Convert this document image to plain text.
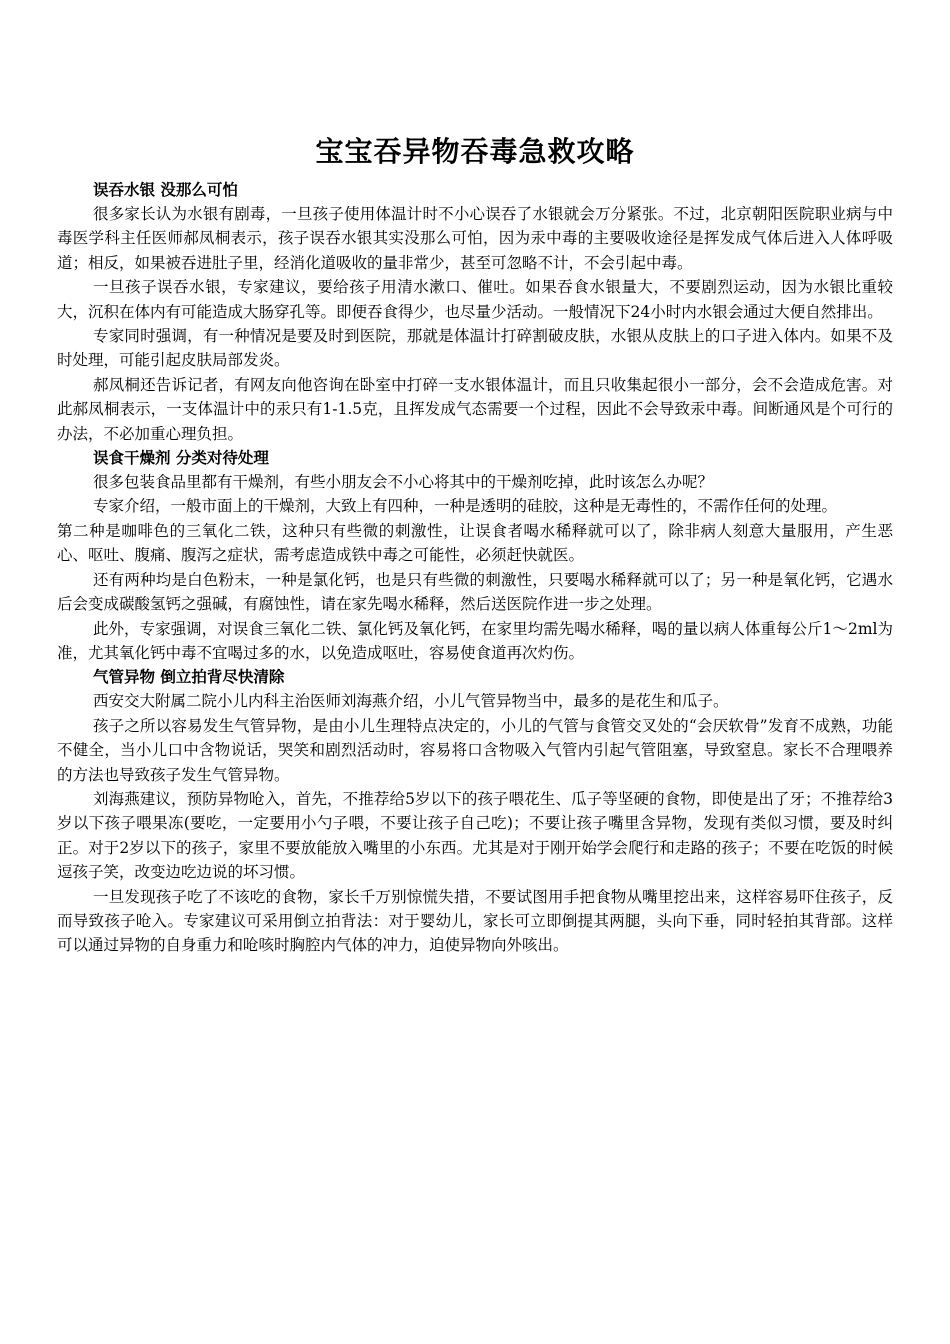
宝宝吞异物吞毒急救攻略

误吞水银 没那么可怕

很多家长认为水银有剧毒，一旦孩子使用体温计时不小心误吞了水银就会万分紧张。不过，北京朝阳医院职业病与中毒医学科主任医师郝凤桐表示，孩子误吞水银其实没那么可怕，因为汞中毒的主要吸收途径是挥发成气体后进入人体呼吸道；相反，如果被吞进肚子里，经消化道吸收的量非常少，甚至可忽略不计，不会引起中毒。

一旦孩子误吞水银，专家建议，要给孩子用清水漱口、催吐。如果吞食水银量大，不要剧烈运动，因为水银比重较大，沉积在体内有可能造成大肠穿孔等。即便吞食得少，也尽量少活动。一般情况下24小时内水银会通过大便自然排出。

专家同时强调，有一种情况是要及时到医院，那就是体温计打碎割破皮肤，水银从皮肤上的口子进入体内。如果不及时处理，可能引起皮肤局部发炎。

郝凤桐还告诉记者，有网友向他咨询在卧室中打碎一支水银体温计，而且只收集起很小一部分，会不会造成危害。对此郝凤桐表示，一支体温计中的汞只有1-1.5克，且挥发成气态需要一个过程，因此不会导致汞中毒。间断通风是个可行的办法，不必加重心理负担。

误食干燥剂 分类对待处理

很多包装食品里都有干燥剂，有些小朋友会不小心将其中的干燥剂吃掉，此时该怎么办呢？

专家介绍，一般市面上的干燥剂，大致上有四种，一种是透明的硅胶，这种是无毒性的，不需作任何的处理。

第二种是咖啡色的三氧化二铁，这种只有些微的刺激性，让误食者喝水稀释就可以了，除非病人刻意大量服用，产生恶心、呕吐、腹痛、腹泻之症状，需考虑造成铁中毒之可能性，必须赶快就医。

还有两种均是白色粉末，一种是氯化钙，也是只有些微的刺激性，只要喝水稀释就可以了；另一种是氧化钙，它遇水后会变成碳酸氢钙之强碱，有腐蚀性，请在家先喝水稀释，然后送医院作进一步之处理。

此外，专家强调，对误食三氧化二铁、氯化钙及氧化钙，在家里均需先喝水稀释，喝的量以病人体重每公斤1～2ml为准，尤其氧化钙中毒不宜喝过多的水，以免造成呕吐，容易使食道再次灼伤。

气管异物 倒立拍背尽快清除

西安交大附属二院小儿内科主治医师刘海燕介绍，小儿气管异物当中，最多的是花生和瓜子。

孩子之所以容易发生气管异物，是由小儿生理特点决定的，小儿的气管与食管交叉处的“会厌软骨”发育不成熟，功能不健全，当小儿口中含物说话，哭笑和剧烈活动时，容易将口含物吸入气管内引起气管阻塞，导致窒息。家长不合理喂养的方法也导致孩子发生气管异物。

刘海燕建议，预防异物呛入，首先，不推荐给5岁以下的孩子喂花生、瓜子等坚硬的食物，即使是出了牙；不推荐给3岁以下孩子喂果冻(要吃，一定要用小勺子喂，不要让孩子自己吃)；不要让孩子嘴里含异物，发现有类似习惯，要及时纠正。对于2岁以下的孩子，家里不要放能放入嘴里的小东西。尤其是对于刚开始学会爬行和走路的孩子；不要在吃饭的时候逗孩子笑，改变边吃边说的坏习惯。

一旦发现孩子吃了不该吃的食物，家长千万别惊慌失措，不要试图用手把食物从嘴里挖出来，这样容易吓住孩子，反而导致孩子呛入。专家建议可采用倒立拍背法：对于婴幼儿，家长可立即倒提其两腿，头向下垂，同时轻拍其背部。这样可以通过异物的自身重力和呛咳时胸腔内气体的冲力，迫使异物向外咳出。
